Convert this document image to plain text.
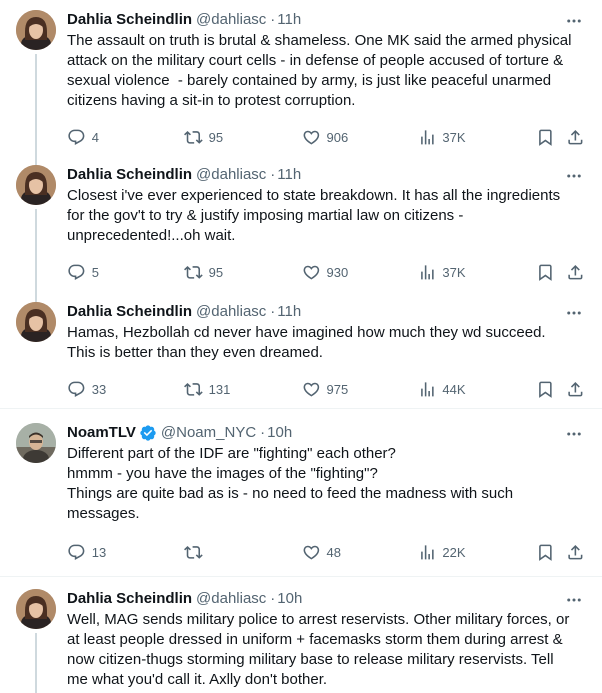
Dahlia Scheindlin @dahliasc · 11h
The assault on truth is brutal & shameless. One MK said the armed physical attack on the military court cells - in defense of people accused of torture & sexual violence  - barely contained by army, is just like peaceful unarmed citizens having a sit-in to protest corruption.
4	95	906	37K
Dahlia Scheindlin @dahliasc · 11h
Closest i've ever experienced to state breakdown. It has all the ingredients for the gov't to try & justify imposing martial law on citizens - unprecedented!...oh wait.
5	95	930	37K
Dahlia Scheindlin @dahliasc · 11h
Hamas, Hezbollah cd never have imagined how much they wd succeed. This is better than they even dreamed.
33	131	975	44K
NoamTLV @Noam_NYC · 10h
Different part of the IDF are "fighting" each other?
hmmm - you have the images of the "fighting"?
Things are quite bad as is - no need to feed the madness with such messages.
13	48	22K
Dahlia Scheindlin @dahliasc · 10h
Well, MAG sends military police to arrest reservists. Other military forces, or at least people dressed in uniform + facemasks storm them during arrest & now citizen-thugs storming military base to release military reservists. Tell me what you'd call it. Axlly don't bother.
